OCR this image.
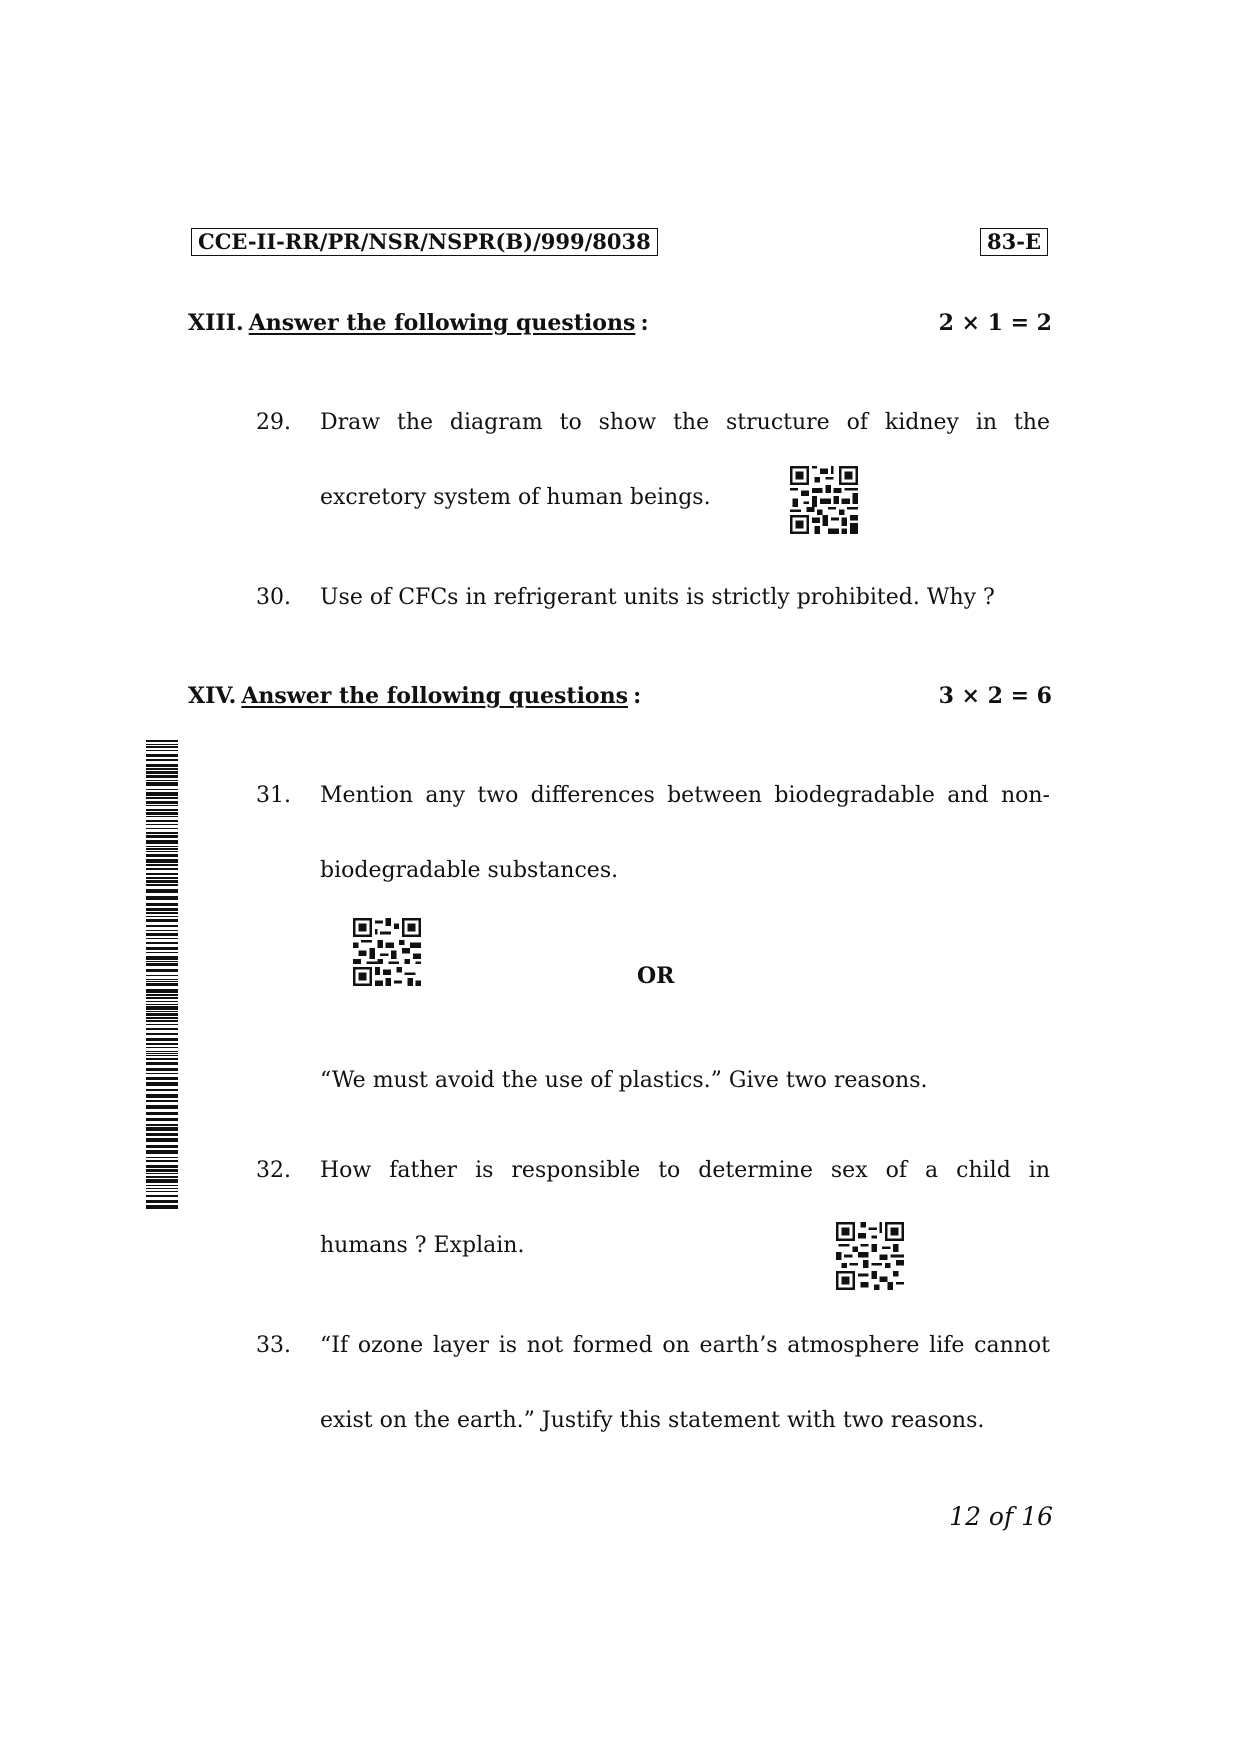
CCE-II-RR/PR/NSR/NSPR(B)/999/8038	83-E
XIII. Answer the following questions :	2 × 1 = 2
29. Draw the diagram to show the structure of kidney in the
excretory system of human beings.
30. Use of CFCs in refrigerant units is strictly prohibited. Why ?
XIV. Answer the following questions :	3 × 2 = 6
31. Mention any two differences between biodegradable and non-
biodegradable substances.
OR
“We must avoid the use of plastics.” Give two reasons.
32. How father is responsible to determine sex of a child in
humans ? Explain.
33. “If ozone layer is not formed on earth’s atmosphere life cannot
exist on the earth.” Justify this statement with two reasons.
12 of 16
